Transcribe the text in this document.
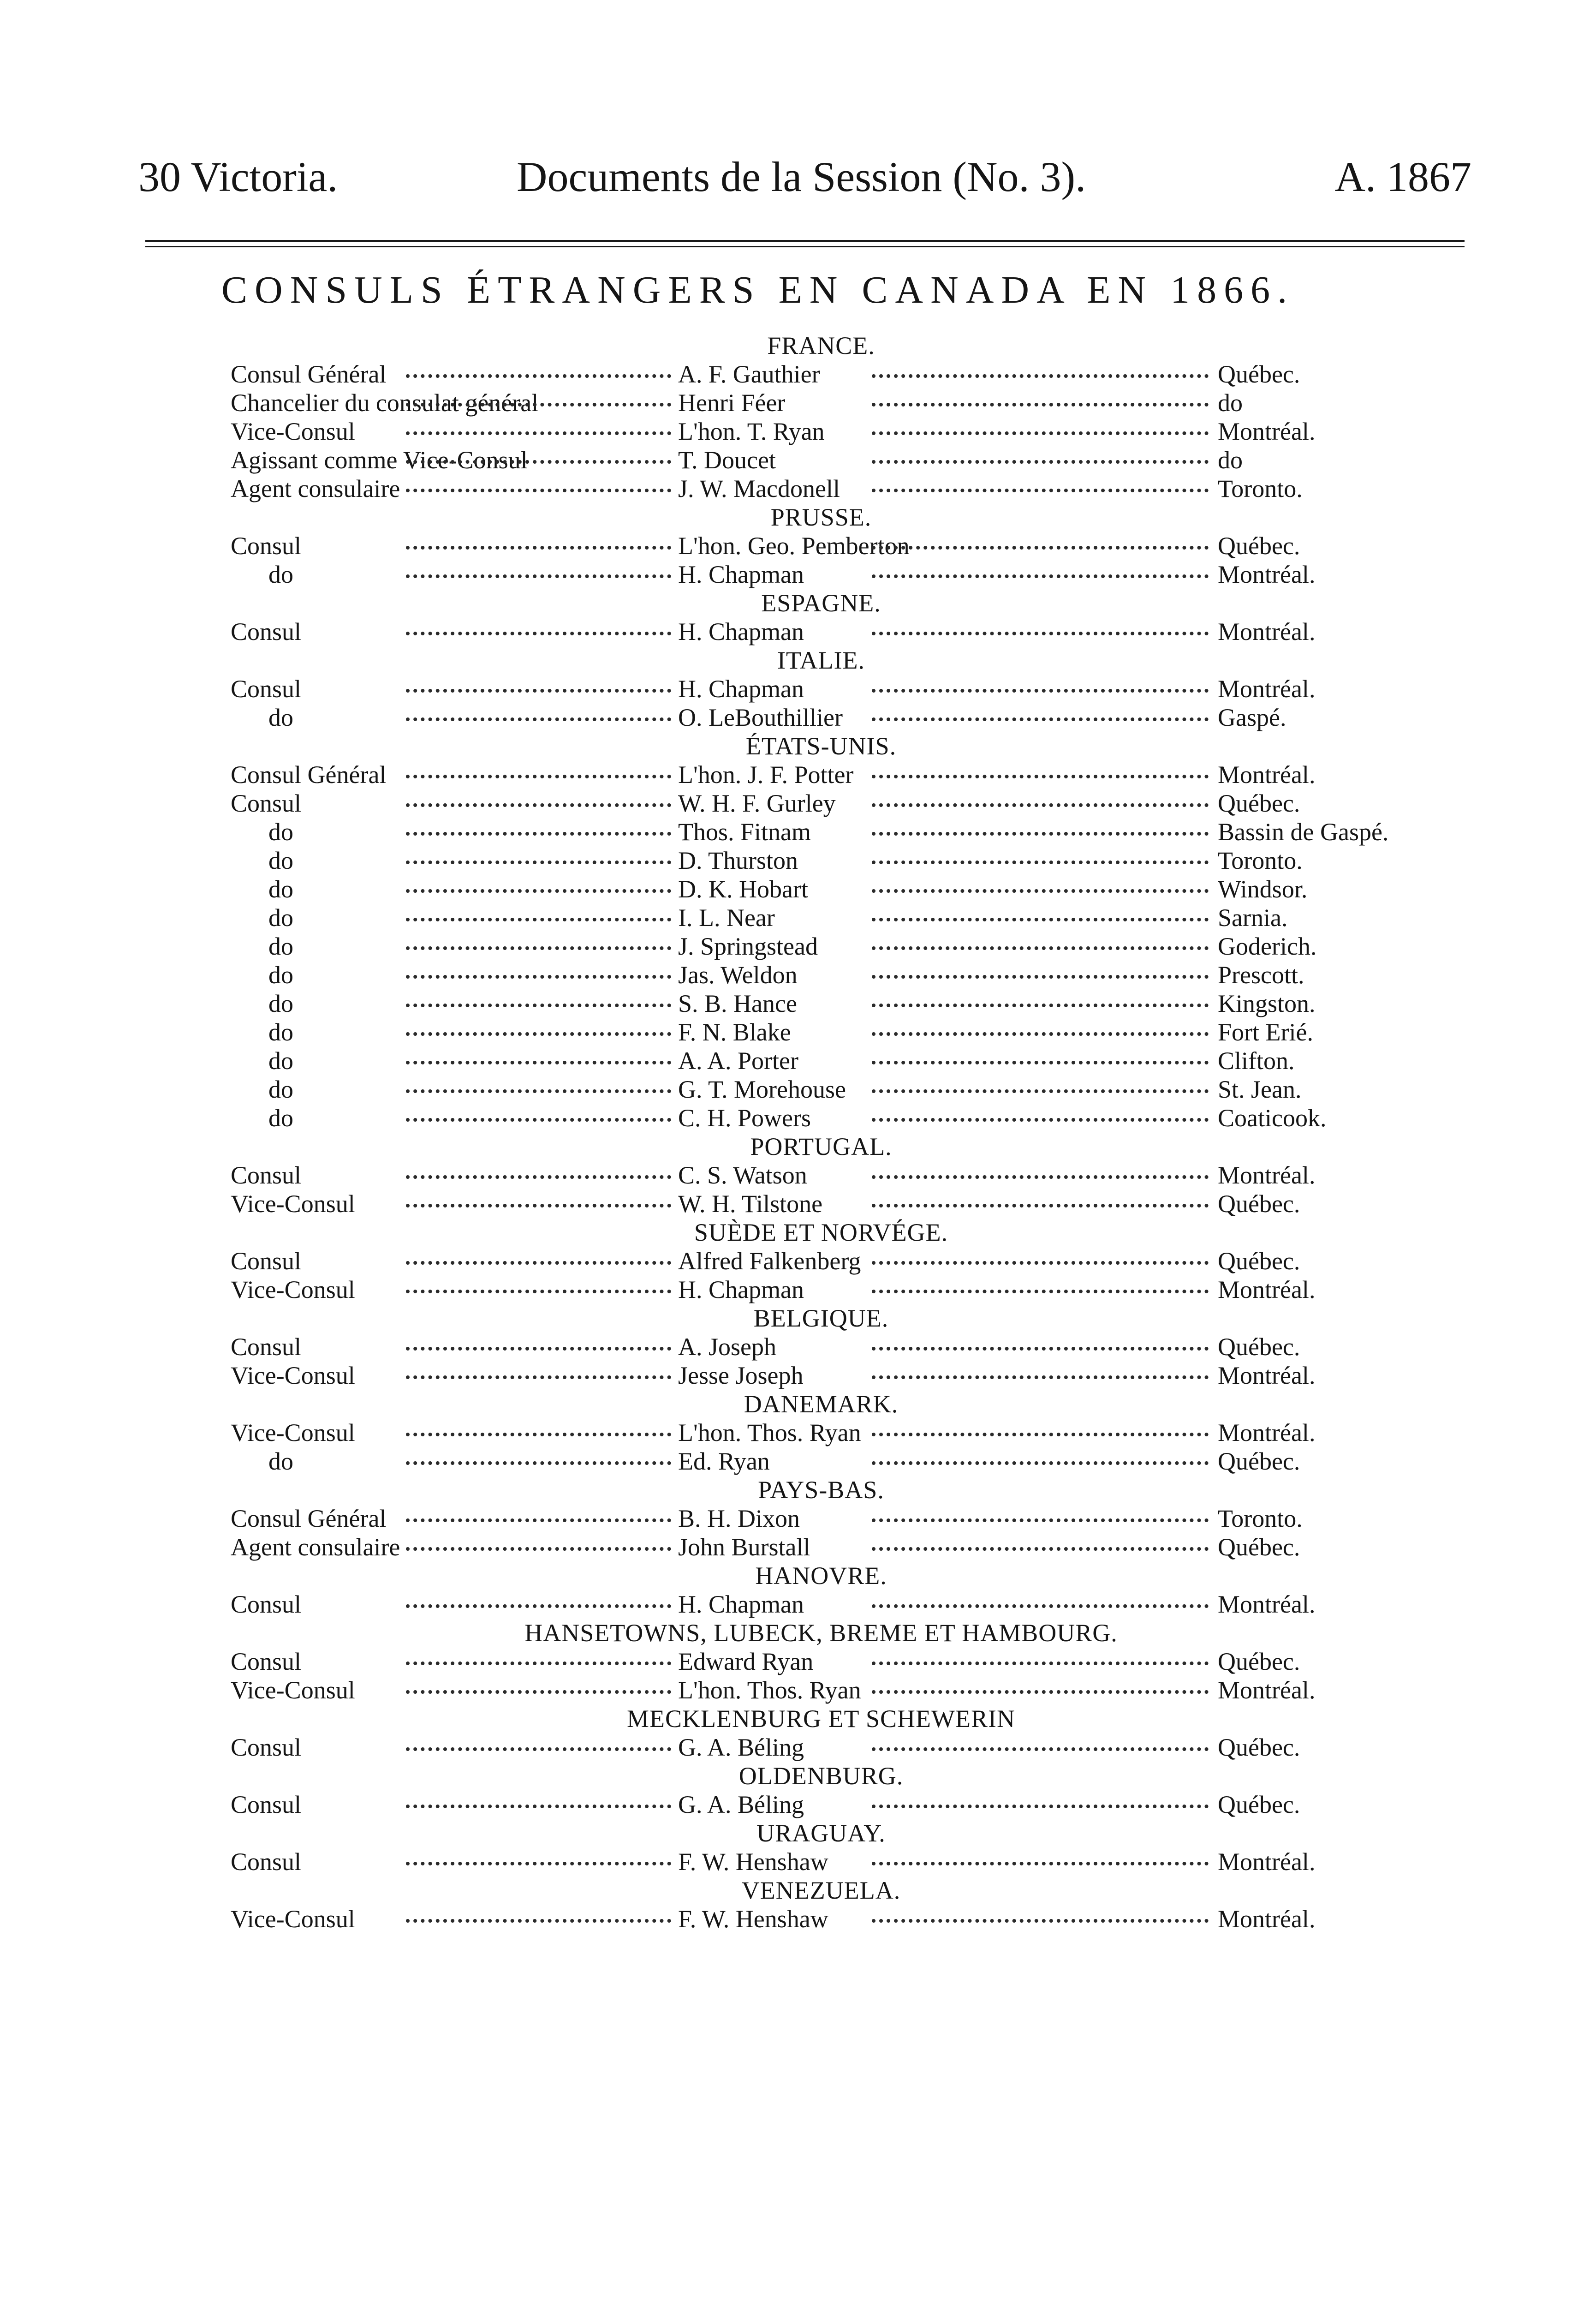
30 Victoria.	Documents de la Session (No. 3).	A. 1867
CONSULS ÉTRANGERS EN CANADA EN 1866.
FRANCE.
Consul Général	A. F. Gauthier	Québec.
Chancelier du consulat général	Henri Féer	do
Vice-Consul	L'hon. T. Ryan	Montréal.
Agissant comme Vice-Consul	T. Doucet	do
Agent consulaire	J. W. Macdonell	Toronto.
PRUSSE.
Consul	L'hon. Geo. Pemberton	Québec.
do	H. Chapman	Montréal.
ESPAGNE.
Consul	H. Chapman	Montréal.
ITALIE.
Consul	H. Chapman	Montréal.
do	O. LeBouthillier	Gaspé.
ÉTATS-UNIS.
Consul Général	L'hon. J. F. Potter	Montréal.
Consul	W. H. F. Gurley	Québec.
do	Thos. Fitnam	Bassin de Gaspé.
do	D. Thurston	Toronto.
do	D. K. Hobart	Windsor.
do	I. L. Near	Sarnia.
do	J. Springstead	Goderich.
do	Jas. Weldon	Prescott.
do	S. B. Hance	Kingston.
do	F. N. Blake	Fort Erié.
do	A. A. Porter	Clifton.
do	G. T. Morehouse	St. Jean.
do	C. H. Powers	Coaticook.
PORTUGAL.
Consul	C. S. Watson	Montréal.
Vice-Consul	W. H. Tilstone	Québec.
SUÈDE ET NORVÉGE.
Consul	Alfred Falkenberg	Québec.
Vice-Consul	H. Chapman	Montréal.
BELGIQUE.
Consul	A. Joseph	Québec.
Vice-Consul	Jesse Joseph	Montréal.
DANEMARK.
Vice-Consul	L'hon. Thos. Ryan	Montréal.
do	Ed. Ryan	Québec.
PAYS-BAS.
Consul Général	B. H. Dixon	Toronto.
Agent consulaire	John Burstall	Québec.
HANOVRE.
Consul	H. Chapman	Montréal.
HANSETOWNS, LUBECK, BREME ET HAMBOURG.
Consul	Edward Ryan	Québec.
Vice-Consul	L'hon. Thos. Ryan	Montréal.
MECKLENBURG ET SCHEWERIN
Consul	G. A. Béling	Québec.
OLDENBURG.
Consul	G. A. Béling	Québec.
URAGUAY.
Consul	F. W. Henshaw	Montréal.
VENEZUELA.
Vice-Consul	F. W. Henshaw	Montréal.
